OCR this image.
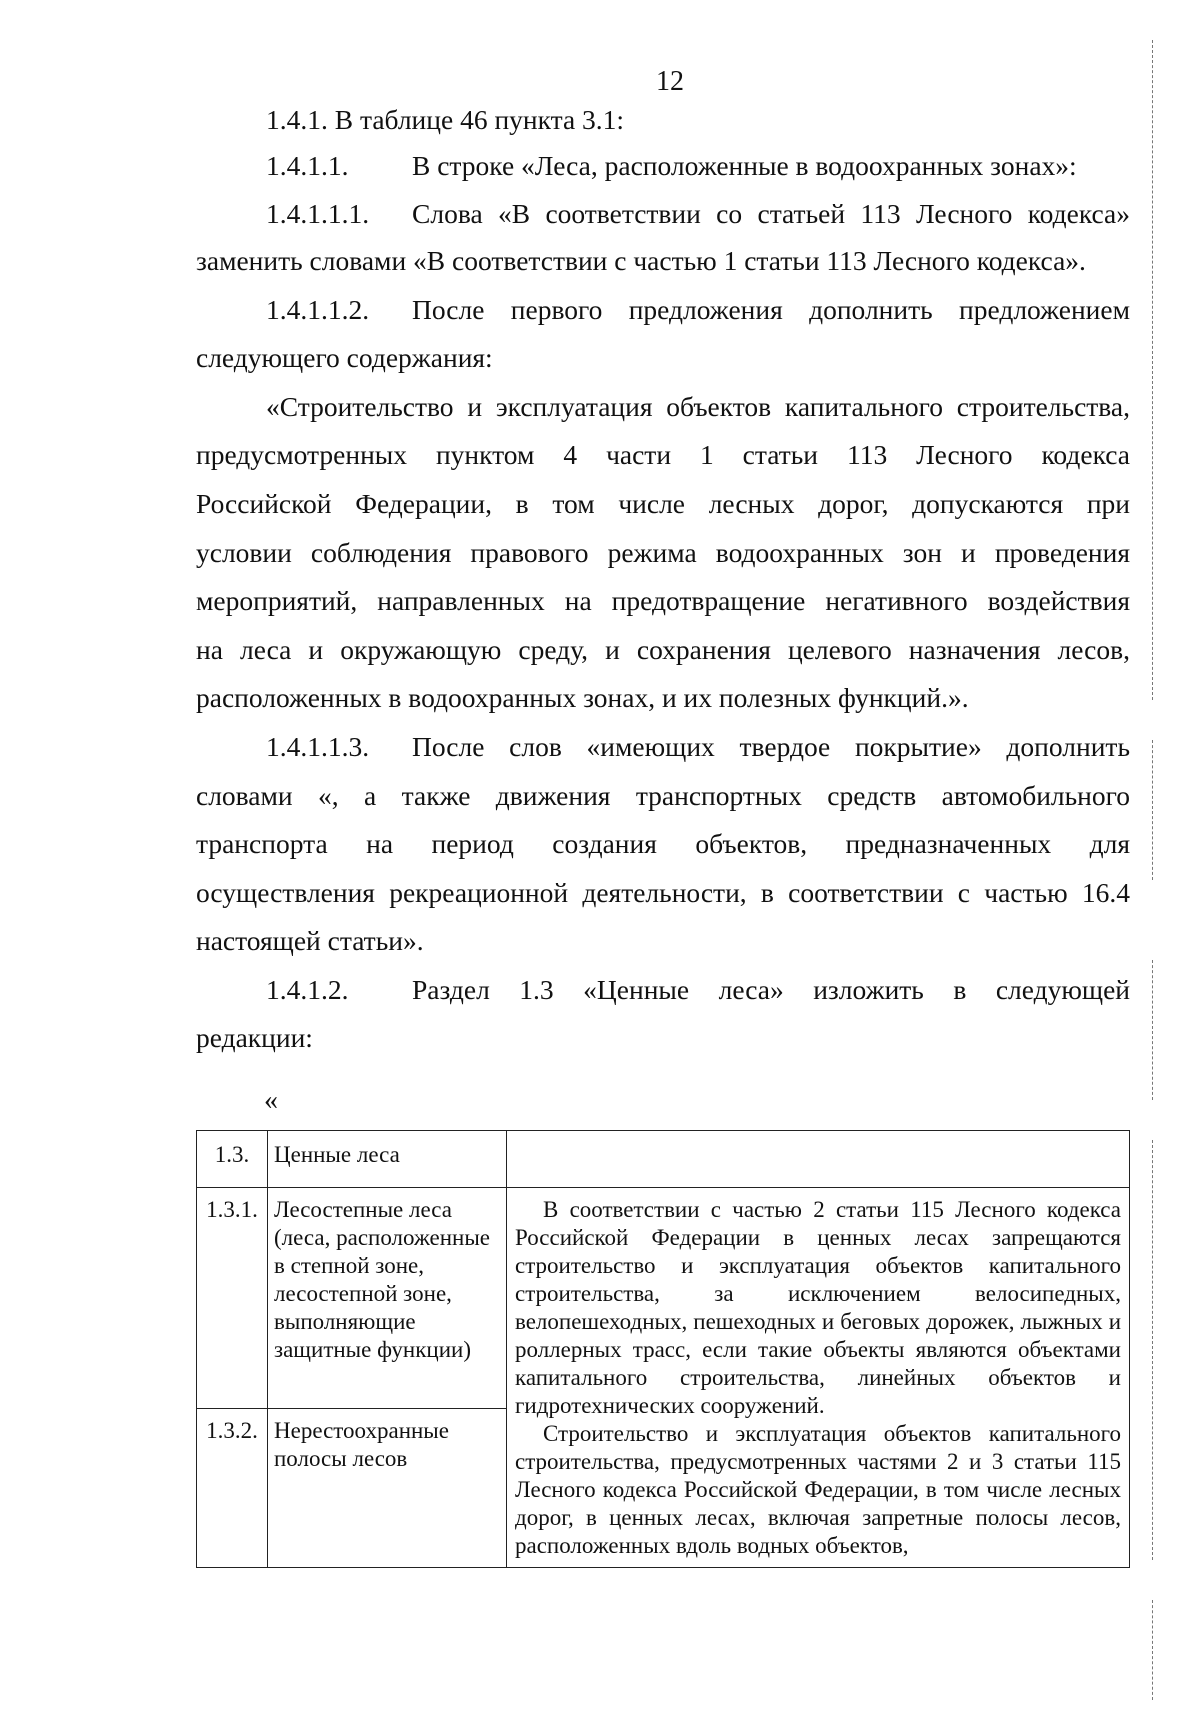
12
1.4.1. В таблице 46 пункта 3.1:
1.4.1.1. В строке «Леса, расположенные в водоохранных зонах»:
1.4.1.1.1. Слова «В соответствии со статьей 113 Лесного кодекса»
заменить словами «В соответствии с частью 1 статьи 113 Лесного кодекса».
1.4.1.1.2. После первого предложения дополнить предложением
следующего содержания:
«Строительство и эксплуатация объектов капитального строительства,
предусмотренных пунктом 4 части 1 статьи 113 Лесного кодекса
Российской Федерации, в том числе лесных дорог, допускаются при
условии соблюдения правового режима водоохранных зон и проведения
мероприятий, направленных на предотвращение негативного воздействия
на леса и окружающую среду, и сохранения целевого назначения лесов,
расположенных в водоохранных зонах, и их полезных функций.».
1.4.1.1.3. После слов «имеющих твердое покрытие» дополнить
словами «, а также движения транспортных средств автомобильного
транспорта на период создания объектов, предназначенных для
осуществления рекреационной деятельности, в соответствии с частью 16.4
настоящей статьи».
1.4.1.2. Раздел 1.3 «Ценные леса» изложить в следующей
редакции:
«
1.3.	Ценные леса	
1.3.1.	Лесостепные леса (леса, расположенные в степной зоне, лесостепной зоне, выполняющие защитные функции)	В соответствии с частью 2 статьи 115 Лесного кодекса Российской Федерации в ценных лесах запрещаются строительство и эксплуатация объектов капитального строительства, за исключением велосипедных, велопешеходных, пешеходных и беговых дорожек, лыжных и роллерных трасс, если такие объекты являются объектами капитального строительства, линейных объектов и гидротехнических сооружений.

Строительство и эксплуатация объектов капитального строительства, предусмотренных частями 2 и 3 статьи 115 Лесного кодекса Российской Федерации, в том числе лесных дорог, в ценных лесах, включая запретные полосы лесов, расположенных вдоль водных объектов,

1.3.2.	Нерестоохранные полосы лесов	
